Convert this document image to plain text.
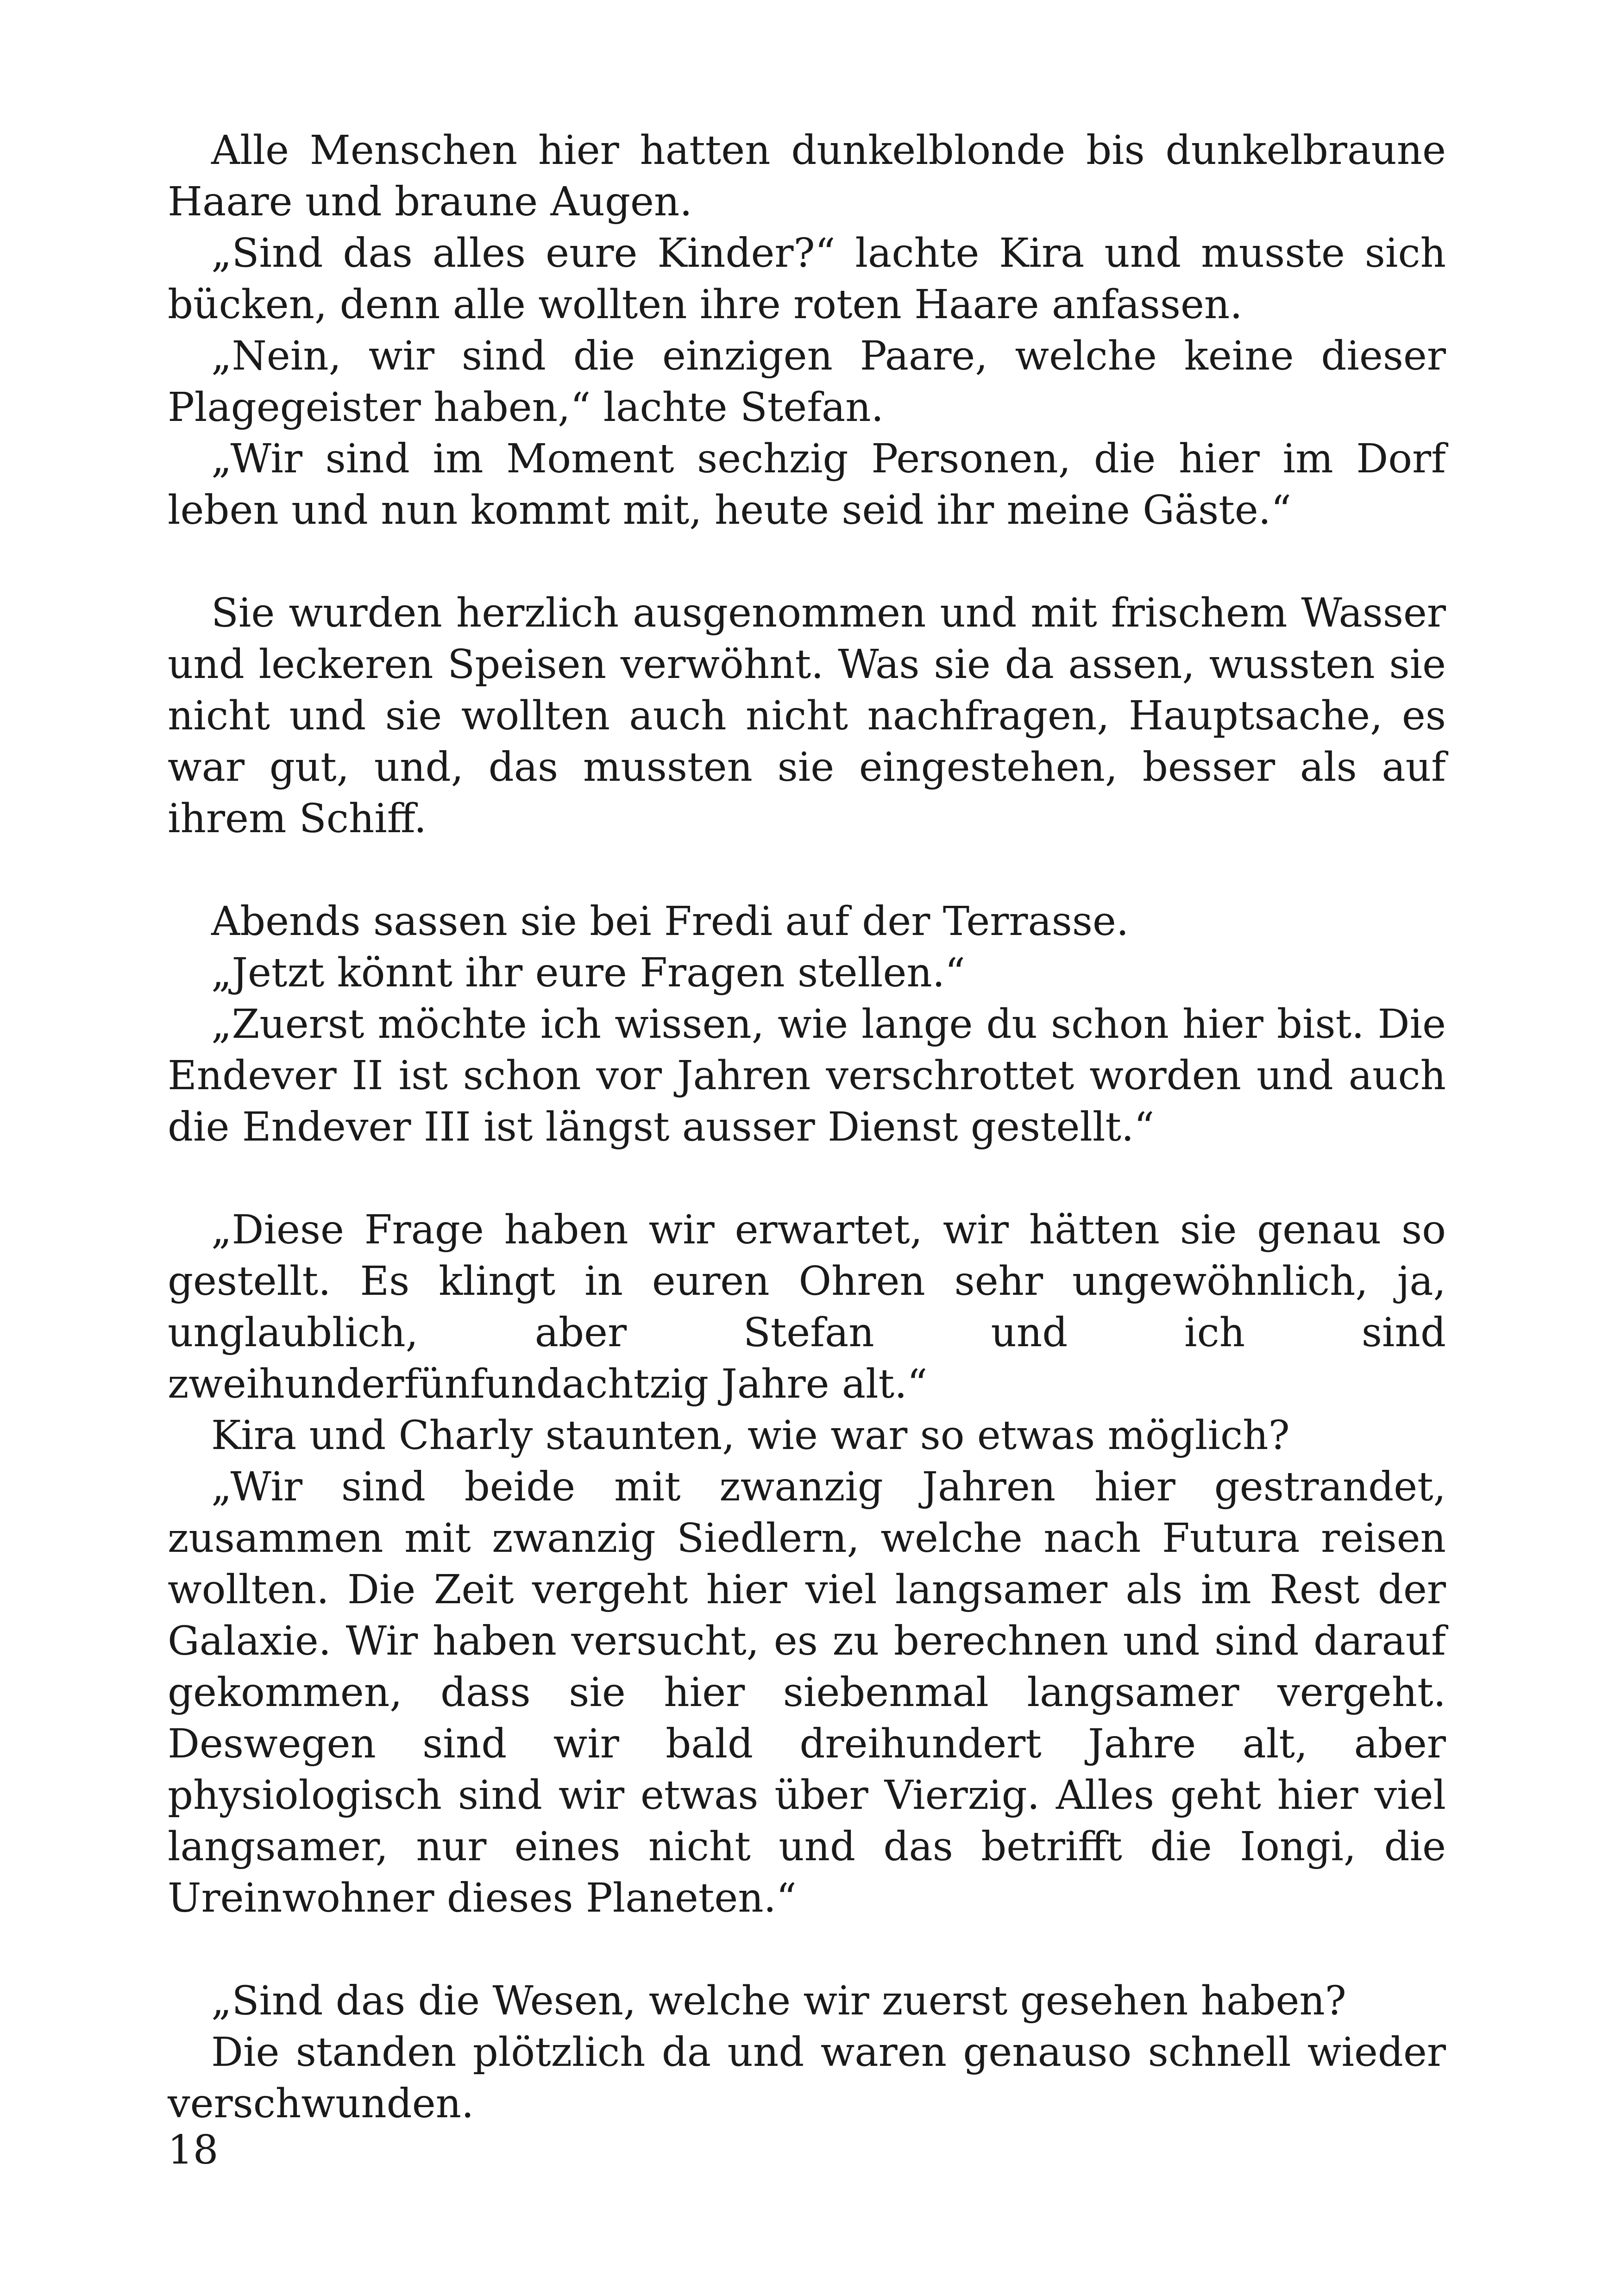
Alle Menschen hier hatten dunkelblonde bis dunkelbraune Haare und braune Augen.

„Sind das alles eure Kinder?“ lachte Kira und musste sich bücken, denn alle wollten ihre roten Haare anfassen.

„Nein, wir sind die einzigen Paare, welche keine dieser Plagegeister haben,“ lachte Stefan.

„Wir sind im Moment sechzig Personen, die hier im Dorf leben und nun kommt mit, heute seid ihr meine Gäste.“

Sie wurden herzlich ausgenommen und mit frischem Wasser und leckeren Speisen verwöhnt. Was sie da assen, wussten sie nicht und sie wollten auch nicht nachfragen, Hauptsache, es war gut, und, das mussten sie eingestehen, besser als auf ihrem Schiff.

Abends sassen sie bei Fredi auf der Terrasse.

„Jetzt könnt ihr eure Fragen stellen.“

„Zuerst möchte ich wissen, wie lange du schon hier bist. Die Endever II ist schon vor Jahren verschrottet worden und auch die Endever III ist längst ausser Dienst gestellt.“

„Diese Frage haben wir erwartet, wir hätten sie genau so gestellt. Es klingt in euren Ohren sehr ungewöhnlich, ja, unglaublich, aber Stefan und ich sind zweihunderfünfundachtzig Jahre alt.“

Kira und Charly staunten, wie war so etwas möglich?

„Wir sind beide mit zwanzig Jahren hier gestrandet, zusammen mit zwanzig Siedlern, welche nach Futura reisen wollten. Die Zeit vergeht hier viel langsamer als im Rest der Galaxie. Wir haben versucht, es zu berechnen und sind darauf gekommen, dass sie hier siebenmal langsamer vergeht. Deswegen sind wir bald dreihundert Jahre alt, aber physiologisch sind wir etwas über Vierzig. Alles geht hier viel langsamer, nur eines nicht und das betrifft die Iongi, die Ureinwohner dieses Planeten.“

„Sind das die Wesen, welche wir zuerst gesehen haben?

Die standen plötzlich da und waren genauso schnell wieder verschwunden.

18
